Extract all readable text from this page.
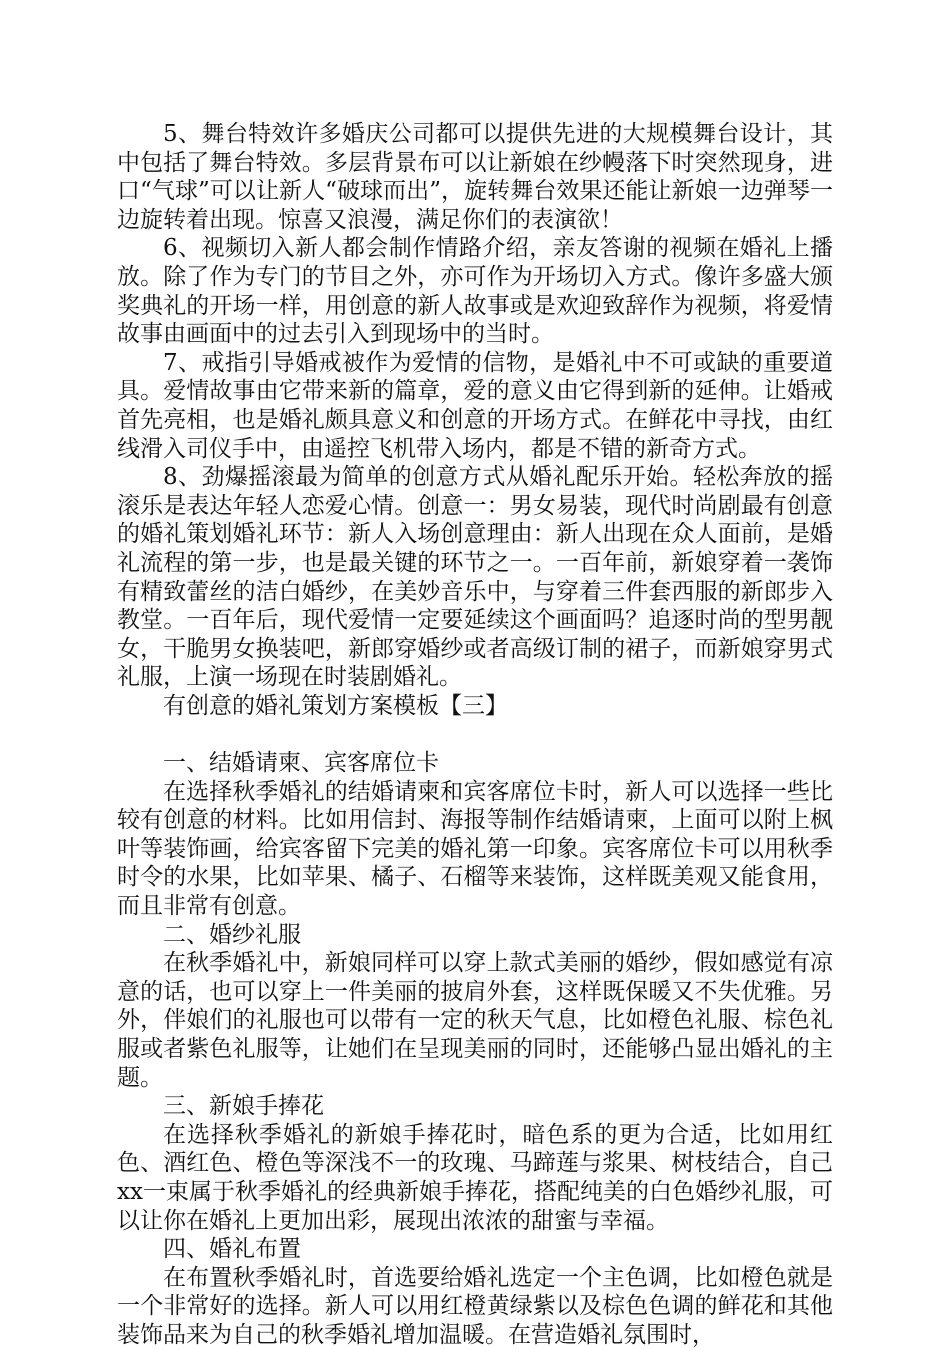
5、舞台特效许多婚庆公司都可以提供先进的大规模舞台设计，其中包括了舞台特效。多层背景布可以让新娘在纱幔落下时突然现身，进口“气球”可以让新人“破球而出”，旋转舞台效果还能让新娘一边弹琴一边旋转着出现。惊喜又浪漫，满足你们的表演欲！

6、视频切入新人都会制作情路介绍，亲友答谢的视频在婚礼上播放。除了作为专门的节目之外，亦可作为开场切入方式。像许多盛大颁奖典礼的开场一样，用创意的新人故事或是欢迎致辞作为视频，将爱情故事由画面中的过去引入到现场中的当时。

7、戒指引导婚戒被作为爱情的信物，是婚礼中不可或缺的重要道具。爱情故事由它带来新的篇章，爱的意义由它得到新的延伸。让婚戒首先亮相，也是婚礼颇具意义和创意的开场方式。在鲜花中寻找，由红线滑入司仪手中，由遥控飞机带入场内，都是不错的新奇方式。

8、劲爆摇滚最为简单的创意方式从婚礼配乐开始。轻松奔放的摇滚乐是表达年轻人恋爱心情。创意一：男女易装，现代时尚剧最有创意的婚礼策划婚礼环节：新人入场创意理由：新人出现在众人面前，是婚礼流程的第一步，也是最关键的环节之一。一百年前，新娘穿着一袭饰有精致蕾丝的洁白婚纱，在美妙音乐中，与穿着三件套西服的新郎步入教堂。一百年后，现代爱情一定要延续这个画面吗？追逐时尚的型男靓女，干脆男女换装吧，新郎穿婚纱或者高级订制的裙子，而新娘穿男式礼服，上演一场现在时装剧婚礼。

有创意的婚礼策划方案模板【三】

一、结婚请柬、宾客席位卡

在选择秋季婚礼的结婚请柬和宾客席位卡时，新人可以选择一些比较有创意的材料。比如用信封、海报等制作结婚请柬，上面可以附上枫叶等装饰画，给宾客留下完美的婚礼第一印象。宾客席位卡可以用秋季时令的水果，比如苹果、橘子、石榴等来装饰，这样既美观又能食用，而且非常有创意。

二、婚纱礼服

在秋季婚礼中，新娘同样可以穿上款式美丽的婚纱，假如感觉有凉意的话，也可以穿上一件美丽的披肩外套，这样既保暖又不失优雅。另外，伴娘们的礼服也可以带有一定的秋天气息，比如橙色礼服、棕色礼服或者紫色礼服等，让她们在呈现美丽的同时，还能够凸显出婚礼的主题。

三、新娘手捧花

在选择秋季婚礼的新娘手捧花时，暗色系的更为合适，比如用红色、酒红色、橙色等深浅不一的玫瑰、马蹄莲与浆果、树枝结合，自己xx一束属于秋季婚礼的经典新娘手捧花，搭配纯美的白色婚纱礼服，可以让你在婚礼上更加出彩，展现出浓浓的甜蜜与幸福。

四、婚礼布置

在布置秋季婚礼时，首选要给婚礼选定一个主色调，比如橙色就是一个非常好的选择。新人可以用红橙黄绿紫以及棕色色调的鲜花和其他装饰品来为自己的秋季婚礼增加温暖。在营造婚礼氛围时，
